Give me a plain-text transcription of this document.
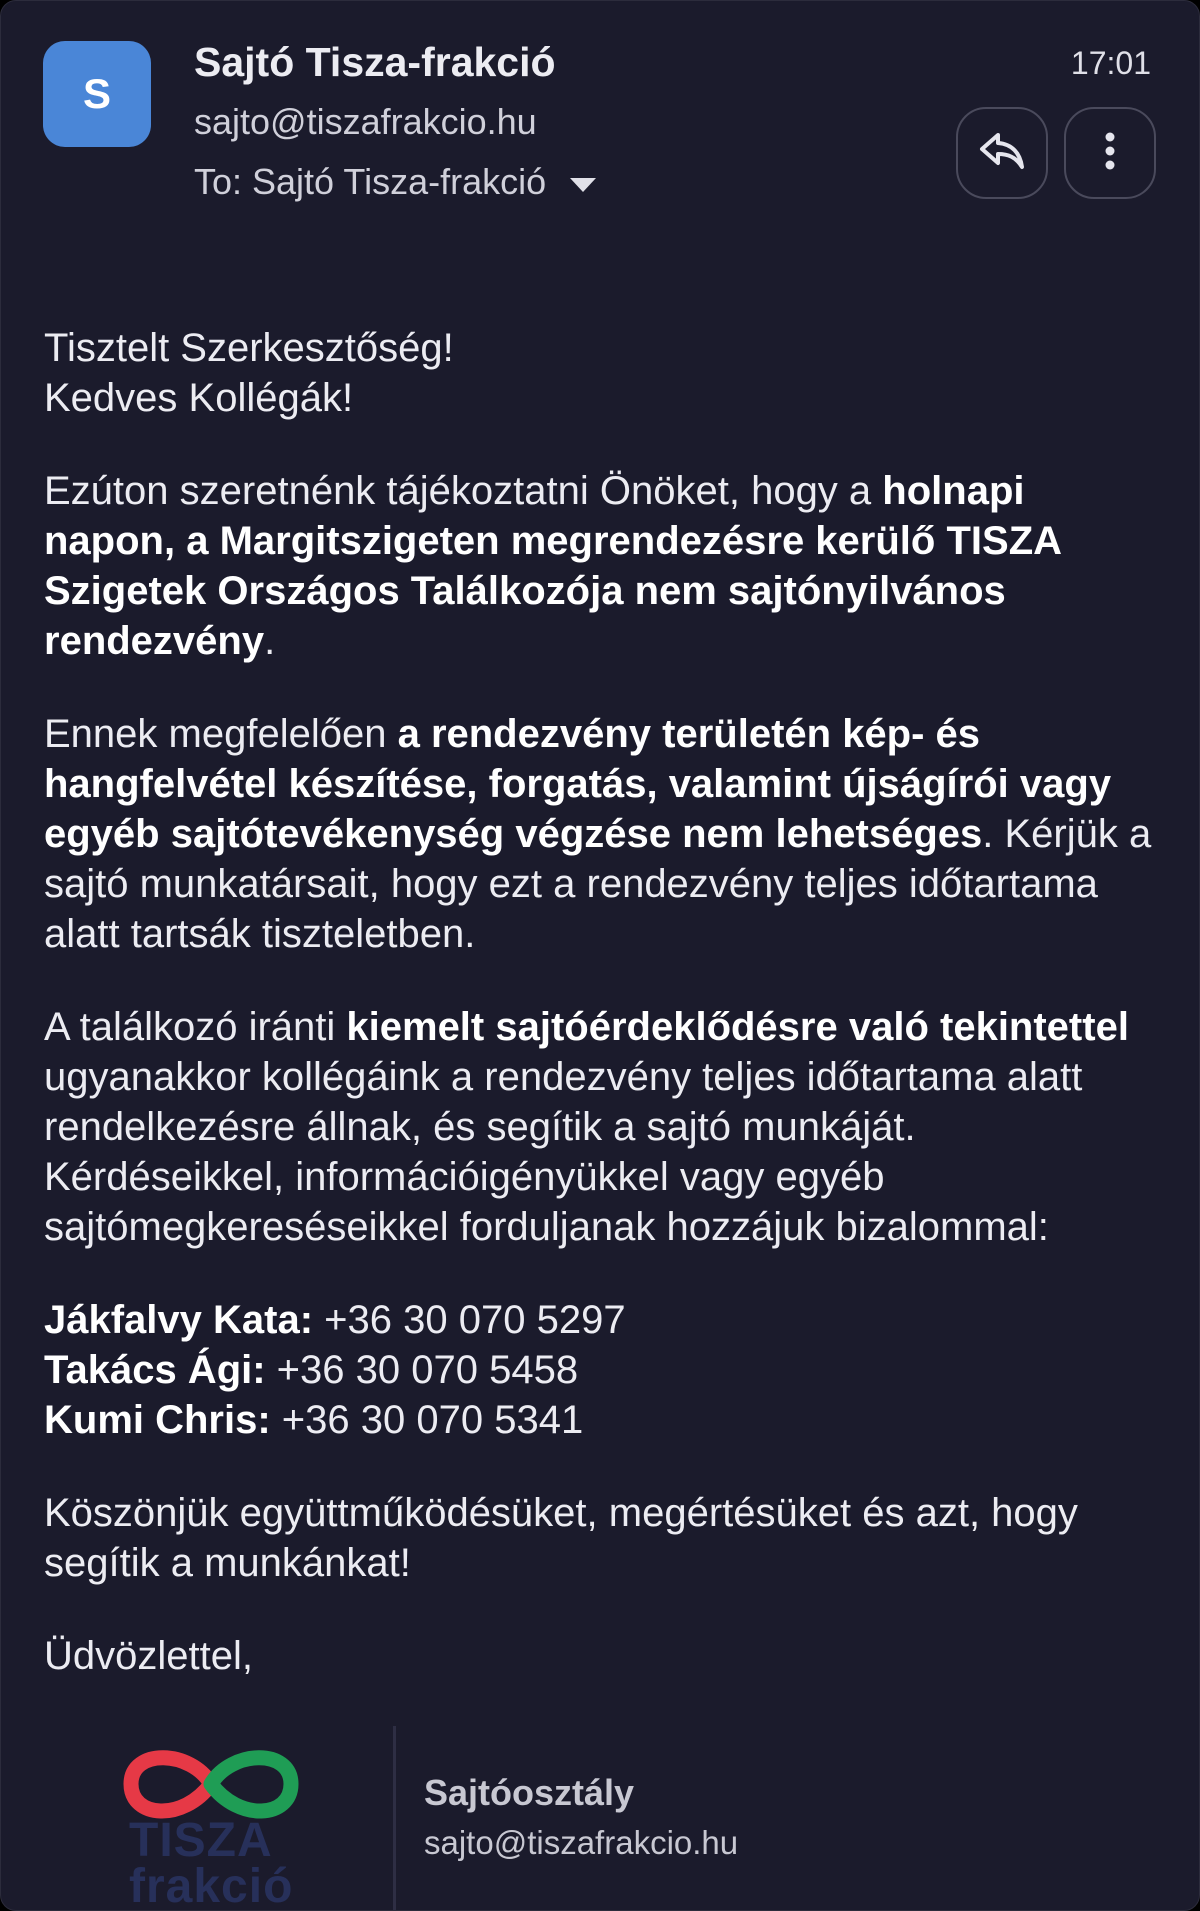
S
Sajtó Tisza-frakció
sajto@tiszafrakcio.hu
To: Sajtó Tisza-frakció
17:01

Tisztelt Szerkesztőség!
Kedves Kollégák!

Ezúton szeretnénk tájékoztatni Önöket, hogy a holnapi napon, a Margitszigeten megrendezésre kerülő TISZA Szigetek Országos Találkozója nem sajtónyilvános rendezvény.

Ennek megfelelően a rendezvény területén kép- és hangfelvétel készítése, forgatás, valamint újságírói vagy egyéb sajtótevékenység végzése nem lehetséges. Kérjük a sajtó munkatársait, hogy ezt a rendezvény teljes időtartama alatt tartsák tiszteletben.

A találkozó iránti kiemelt sajtóérdeklődésre való tekintettel ugyanakkor kollégáink a rendezvény teljes időtartama alatt rendelkezésre állnak, és segítik a sajtó munkáját. Kérdéseikkel, információigényükkel vagy egyéb sajtómegkereséseikkel forduljanak hozzájuk bizalommal:

Jákfalvy Kata: +36 30 070 5297
Takács Ági: +36 30 070 5458
Kumi Chris: +36 30 070 5341

Köszönjük együttműködésüket, megértésüket és azt, hogy segítik a munkánkat!

Üdvözlettel,

TISZA
frakció
Sajtóosztály
sajto@tiszafrakcio.hu
